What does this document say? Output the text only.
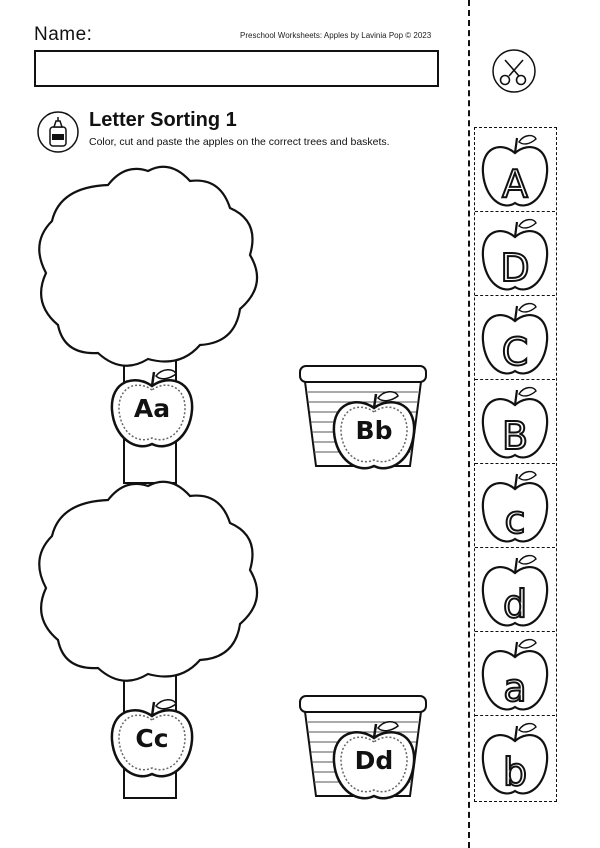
Name:	Preschool Worksheets: Apples by Lavinia Pop © 2023
Letter Sorting 1
Color, cut and paste the apples on the correct trees and baskets.
Aa
Bb
Cc
Dd
A
D
C
B
c
d
a
b
